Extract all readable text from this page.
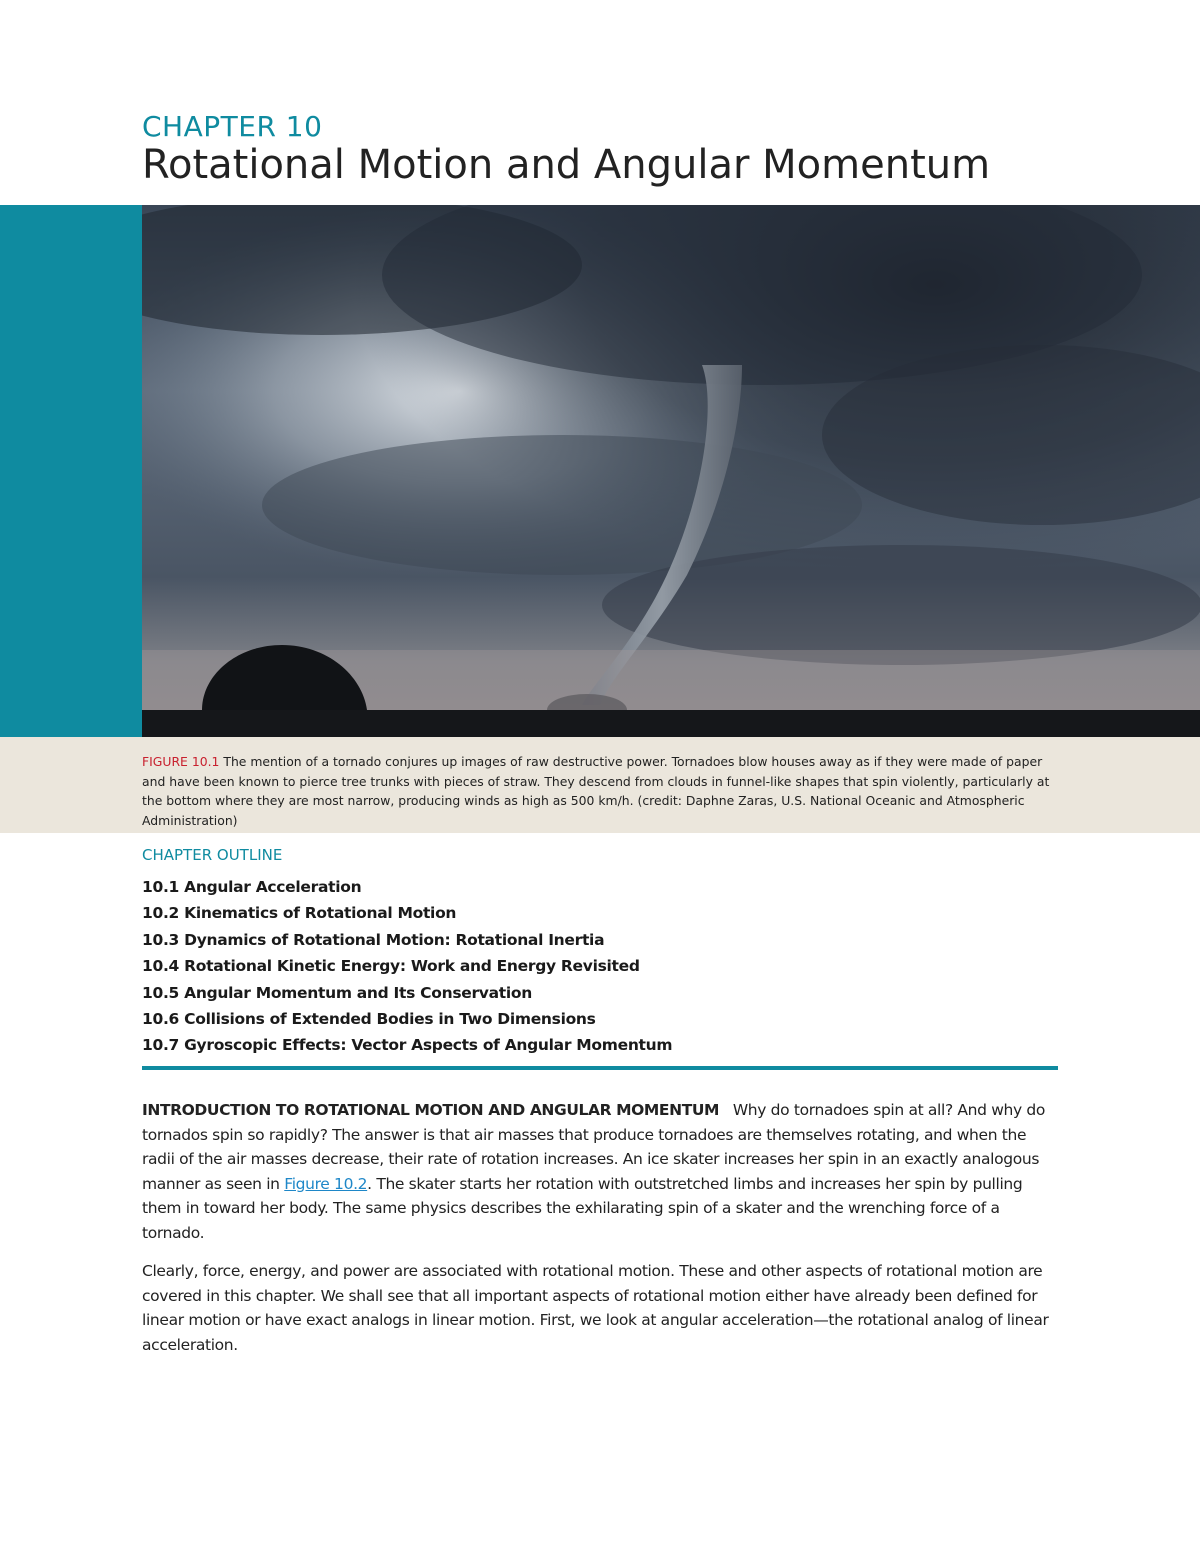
CHAPTER 10
Rotational Motion and Angular Momentum
FIGURE 10.1 The mention of a tornado conjures up images of raw destructive power. Tornadoes blow houses away as if they were made of paper and have been known to pierce tree trunks with pieces of straw. They descend from clouds in funnel-like shapes that spin violently, particularly at the bottom where they are most narrow, producing winds as high as 500 km/h. (credit: Daphne Zaras, U.S. National Oceanic and Atmospheric Administration)
CHAPTER OUTLINE
10.1 Angular Acceleration
10.2 Kinematics of Rotational Motion
10.3 Dynamics of Rotational Motion: Rotational Inertia
10.4 Rotational Kinetic Energy: Work and Energy Revisited
10.5 Angular Momentum and Its Conservation
10.6 Collisions of Extended Bodies in Two Dimensions
10.7 Gyroscopic Effects: Vector Aspects of Angular Momentum

INTRODUCTION TO ROTATIONAL MOTION AND ANGULAR MOMENTUM Why do tornadoes spin at all? And why do tornados spin so rapidly? The answer is that air masses that produce tornadoes are themselves rotating, and when the radii of the air masses decrease, their rate of rotation increases. An ice skater increases her spin in an exactly analogous manner as seen in Figure 10.2. The skater starts her rotation with outstretched limbs and increases her spin by pulling them in toward her body. The same physics describes the exhilarating spin of a skater and the wrenching force of a tornado.

Clearly, force, energy, and power are associated with rotational motion. These and other aspects of rotational motion are covered in this chapter. We shall see that all important aspects of rotational motion either have already been defined for linear motion or have exact analogs in linear motion. First, we look at angular acceleration—the rotational analog of linear acceleration.
